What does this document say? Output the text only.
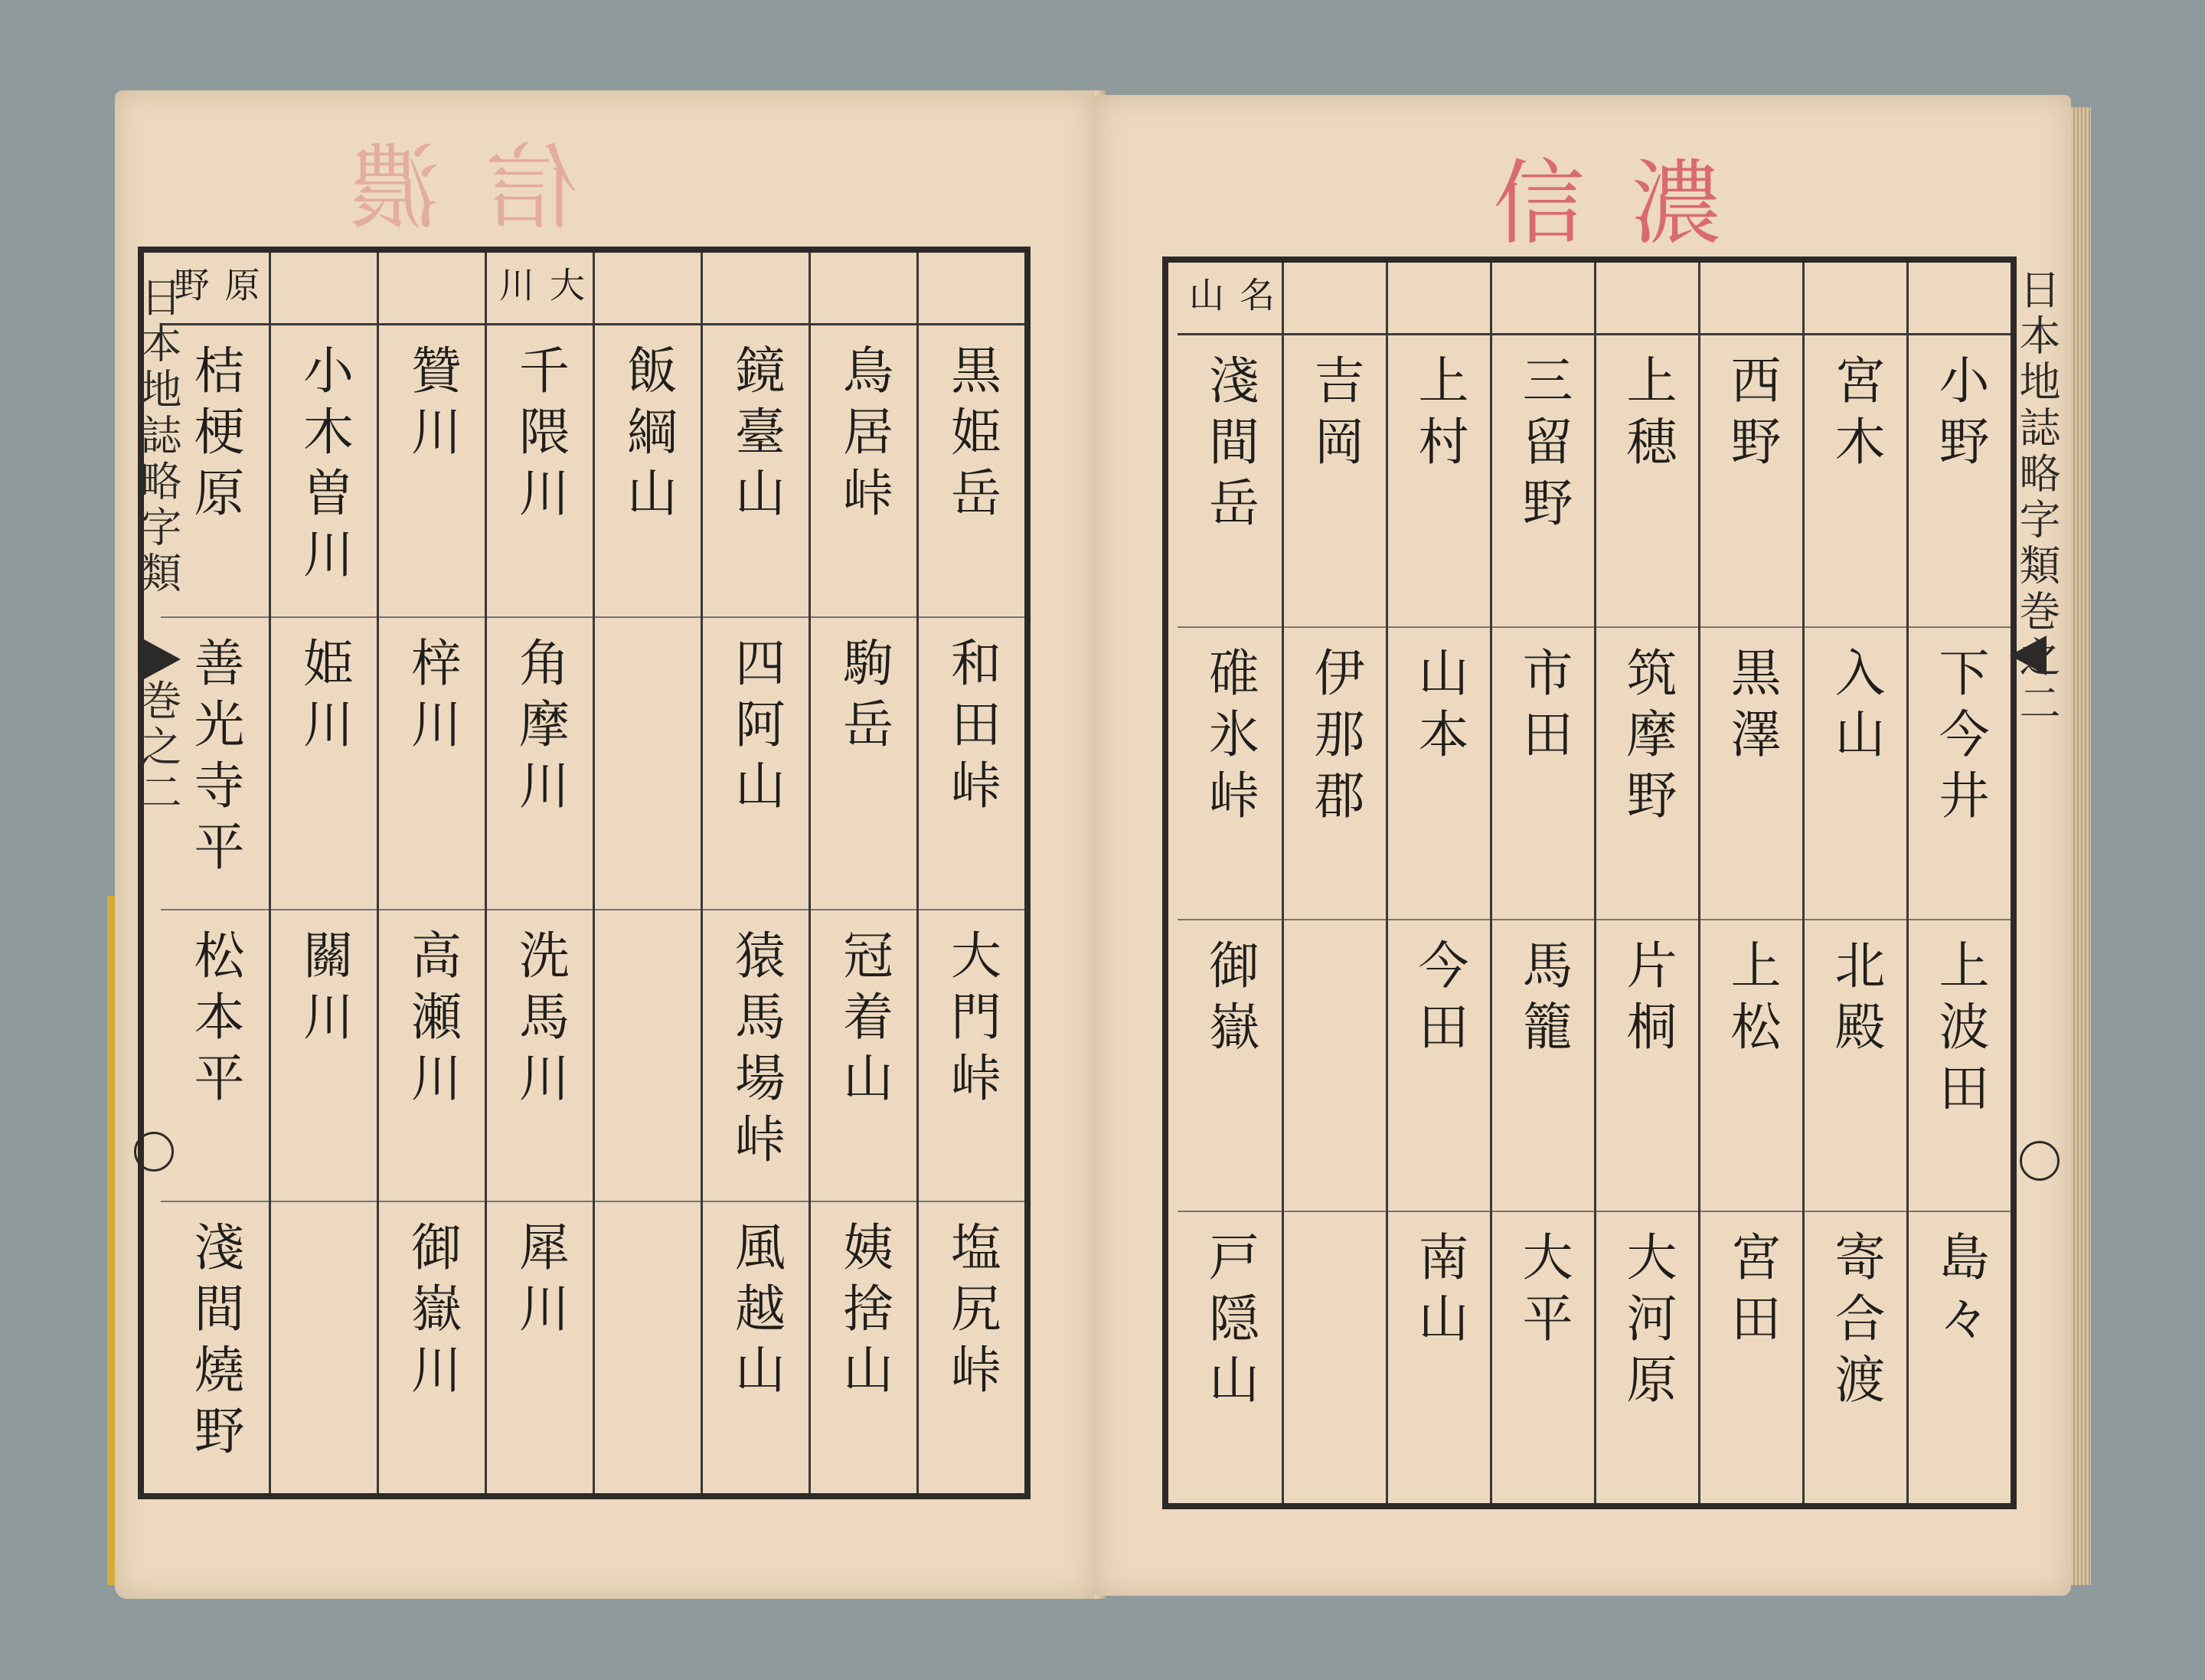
信濃
信濃
日本地誌略字類  巻之二
日本地誌略字類巻之二
小野
下今井
上波田
島々
宮木
入山
北殿
寄合渡
西野
黒澤
上松
宮田
上穂
筑摩野
片桐
大河原
三留野
市田
馬籠
大平
上村
山本
今田
南山
吉岡
伊那郡
名山
淺間岳
碓氷峠
御嶽
戸隠山
黒姫岳
和田峠
大門峠
塩尻峠
鳥居峠
駒岳
冠着山
姨捨山
鏡臺山
四阿山
猿馬場峠
風越山
飯綱山
大川
千隈川
角摩川
洗馬川
犀川
贊川
梓川
高瀬川
御嶽川
小木曽川
姫川
關川
原野
桔梗原
善光寺平
松本平
淺間燒野
